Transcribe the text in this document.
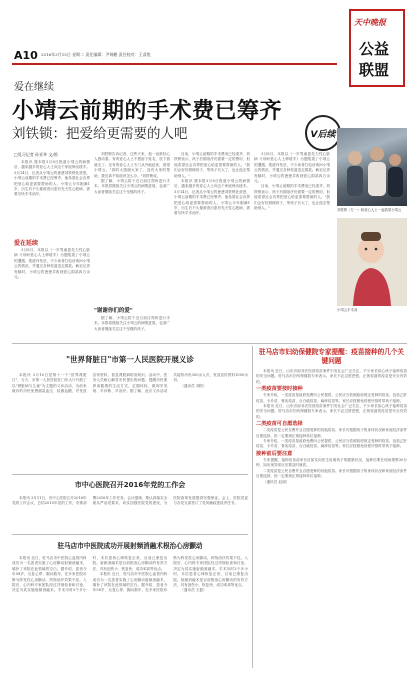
A10 2016年3月15日 星期二 责任编辑：尹锡鹏 责任校对：王睿悦
天中晚报
公益
联盟
爱在继续
小靖云前期的手术费已筹齐
刘铁锁：把爱给更需要的人吧	V后续
□见习记者 孙亚华 文/图

本报讯 继本报3月8日报道小靖云的病情后，越来越多的爱心人士向这个家庭伸出援手。3月14日，记者从小靖云的爸爸刘铁锁处获悉，小靖云前期的手术费已经筹齐，他希望社会各界把爱心给更需要帮助的人。小靖云今年刚满1岁，出生后不久便被查出患有先天性心脏病，需要尽快手术治疗。

爱在延续

3月8日，本报以《一岁男童患先天性心脏病 父母盼爱心人士伸援手》为题报道了小靖云的遭遇。报道刊发后，不少读者打电话询问小靖云的情况，并通过各种渠道送去捐款。截至记者发稿时，小靖云的爸爸共收到爱心捐款四万余元。

刘铁锁告诉记者，这些天来，他一直被好心人感动着。有的爱心人士不愿留下姓名，放下钱就走了；还有的爱心人士专门从外地赶来，看望小靖云。"真的太感谢大家了，没有大家的帮助，我们真不知道该怎么办。"刘铁锁说。

据了解，小靖云将于近日前往郑州进行手术。本报将继续关注小靖云的病情进展，也请广大读者继续关注这个坚强的孩子。

"谢谢你们的爱"

据了解，小靖云将于近日前往郑州进行手术。本报将继续关注小靖云的病情进展，也请广大读者继续关注这个坚强的孩子。

目前，小靖云前期的手术费用已经凑齐，刘铁锁表示，孩子后期治疗仍需要一定的费用，但他希望社会各界把爱心给更需要帮助的人。"我们会好好照顾孩子，等孩子长大了，也让他去帮助别人。"

本报讯 继本报3月8日报道小靖云的病情后，越来越多的爱心人士向这个家庭伸出援手。3月14日，记者从小靖云的爸爸刘铁锁处获悉，小靖云前期的手术费已经筹齐，他希望社会各界把爱心给更需要帮助的人。小靖云今年刚满1岁，出生后不久便被查出患有先天性心脏病，需要尽快手术治疗。

3月8日，本报以《一岁男童患先天性心脏病 父母盼爱心人士伸援手》为题报道了小靖云的遭遇。报道刊发后，不少读者打电话询问小靖云的情况，并通过各种渠道送去捐款。截至记者发稿时，小靖云的爸爸共收到爱心捐款四万余元。

目前，小靖云前期的手术费用已经凑齐，刘铁锁表示，孩子后期治疗仍需要一定的费用，但他希望社会各界把爱心给更需要帮助的人。"我们会好好照顾孩子，等孩子长大了，也让他去帮助别人。"	刘铁锁（左一）和爱心人士一起看望小靖云
小靖云手术前
"世界肾脏日"市第一人民医院开展义诊

本报讯 3月10日是第十一个"世界肾脏日"，当天，市第一人民医院在门诊大厅开展了以"肾脏病与儿童"为主题的义诊活动，为前来就诊的市民免费测量血压、检测血糖，并发放宣传资料，普及肾脏病防治知识。活动中，医务人员耐心解答市民提出的问题，提醒市民要养成健康的生活方式，定期体检，做到早发现、早诊断、早治疗。据了解，此次义诊活动共接待市民300余人次，发放宣传资料1000余份。

（通讯员 刘阳）

市中心医院召开2016年党的工作会

本报讯 3月11日，市中心医院召开2016年党的工作会议，总结2015年党的工作，安排部署2016年工作任务。会议强调，要认真落实全面从严治党要求，切实加强医院党的建设，为医院改革发展提供坚强保证。会上，医院党委与各党支部签订了党风廉政建设责任书。

驻马店市中医院成功开展射频消融术根治心房颤动

本报讯 近日，驻马店市中医院心血管内科成功为一名患者实施了心房颤动射频消融术，填补了该院在此领域的空白。据介绍，患者今年58岁，反复心悸、胸闷数年，在多家医院诊断为阵发性心房颤动，药物治疗效果不佳。入院后，心内科专家团队经过详细检查和讨论，决定为其实施射频消融术。手术历时3个多小时，术后患者心律恢复正常，目前已康复出院。射频消融术是目前根治心房颤动的有效方法，具有创伤小、恢复快、成功率高等优点。

本报讯 近日，驻马店市中医院心血管内科成功为一名患者实施了心房颤动射频消融术，填补了该院在此领域的空白。据介绍，患者今年58岁，反复心悸、胸闷数年，在多家医院诊断为阵发性心房颤动，药物治疗效果不佳。入院后，心内科专家团队经过详细检查和讨论，决定为其实施射频消融术。手术历时3个多小时，术后患者心律恢复正常，目前已康复出院。射频消融术是目前根治心房颤动的有效方法，具有创伤小、恢复快、成功率高等优点。

（通讯员 王磊）

驻马店市妇幼保健院专家提醒：疫苗接种的几个关键问题

本报讯 近日，山东济南非法经营疫苗案件引发社会广泛关注，不少家长担心孩子接种疫苗的安全问题。驻马店市妇幼保健院专家表示，家长不必过度恐慌，正规渠道的疫苗是安全有效的。

一类疫苗要按时接种

专家介绍，一类疫苗是政府免费向公民提供、公民应当依照政府规定受种的疫苗，包括乙肝疫苗、卡介苗、脊灰疫苗、百白破疫苗、麻疹疫苗等。家长应按照免疫程序按时带孩子接种。

本报讯 近日，山东济南非法经营疫苗案件引发社会广泛关注，不少家长担心孩子接种疫苗的安全问题。驻马店市妇幼保健院专家表示，家长不必过度恐慌，正规渠道的疫苗是安全有效的。

二类疫苗可自愿选择

二类疫苗是公民自费并且自愿受种的其他疫苗。家长可根据孩子的身体状况和家庭经济条件自愿选择，但一定要到正规接种单位接种。

专家介绍，一类疫苗是政府免费向公民提供、公民应当依照政府规定受种的疫苗，包括乙肝疫苗、卡介苗、脊灰疫苗、百白破疫苗、麻疹疫苗等。家长应按照免疫程序按时带孩子接种。

接种前后要注意

专家提醒，接种疫苗前家长应如实向医生说明孩子的健康状况，接种后要在现场观察30分钟，如出现异常反应要及时就医。

二类疫苗是公民自费并且自愿受种的其他疫苗。家长可根据孩子的身体状况和家庭经济条件自愿选择，但一定要到正规接种单位接种。

（通讯员 赵丽）
